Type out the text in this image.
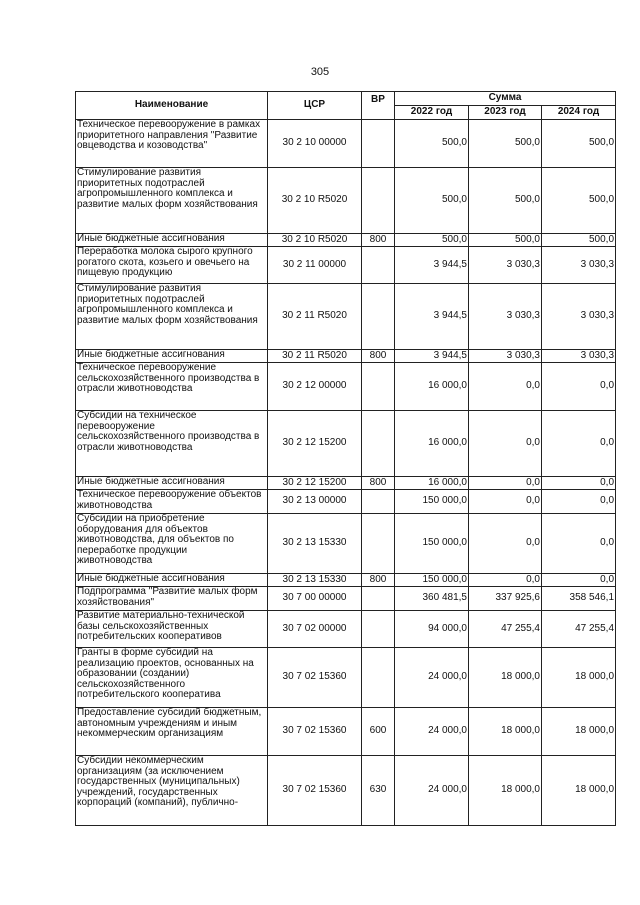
305
Наименование	ЦСР	ВР	Сумма		
			2022 год	2023 год	2024 год
Техническое перевооружение в рамках приоритетного направления "Развитие овцеводства и козоводства"	30 2 10 00000		500,0	500,0	500,0
Стимулирование развития приоритетных подотраслей агропромышленного комплекса и развитие малых форм хозяйствования	30 2 10 R5020		500,0	500,0	500,0
Иные бюджетные ассигнования	30 2 10 R5020	800	500,0	500,0	500,0
Переработка молока сырого крупного рогатого скота, козьего и овечьего на пищевую продукцию	30 2 11 00000		3 944,5	3 030,3	3 030,3
Стимулирование развития приоритетных подотраслей агропромышленного комплекса и развитие малых форм хозяйствования	30 2 11 R5020		3 944,5	3 030,3	3 030,3
Иные бюджетные ассигнования	30 2 11 R5020	800	3 944,5	3 030,3	3 030,3
Техническое перевооружение сельскохозяйственного производства в отрасли животноводства	30 2 12 00000		16 000,0	0,0	0,0
Субсидии на техническое перевооружение сельскохозяйственного производства в отрасли животноводства	30 2 12 15200		16 000,0	0,0	0,0
Иные бюджетные ассигнования	30 2 12 15200	800	16 000,0	0,0	0,0
Техническое перевооружение объектов животноводства	30 2 13 00000		150 000,0	0,0	0,0
Субсидии на приобретение оборудования для объектов животноводства, для объектов по переработке продукции животноводства	30 2 13 15330		150 000,0	0,0	0,0
Иные бюджетные ассигнования	30 2 13 15330	800	150 000,0	0,0	0,0
Подпрограмма "Развитие малых форм хозяйствования"	30 7 00 00000		360 481,5	337 925,6	358 546,1
Развитие материально-технической базы сельскохозяйственных потребительских кооперативов	30 7 02 00000		94 000,0	47 255,4	47 255,4
Гранты в форме субсидий на реализацию проектов, основанных на образовании (создании) сельскохозяйственного потребительского кооператива	30 7 02 15360		24 000,0	18 000,0	18 000,0
Предоставление субсидий бюджетным, автономным учреждениям и иным некоммерческим организациям	30 7 02 15360	600	24 000,0	18 000,0	18 000,0
Субсидии некоммерческим организациям (за исключением государственных (муниципальных) учреждений, государственных корпораций (компаний), публично-	30 7 02 15360	630	24 000,0	18 000,0	18 000,0
